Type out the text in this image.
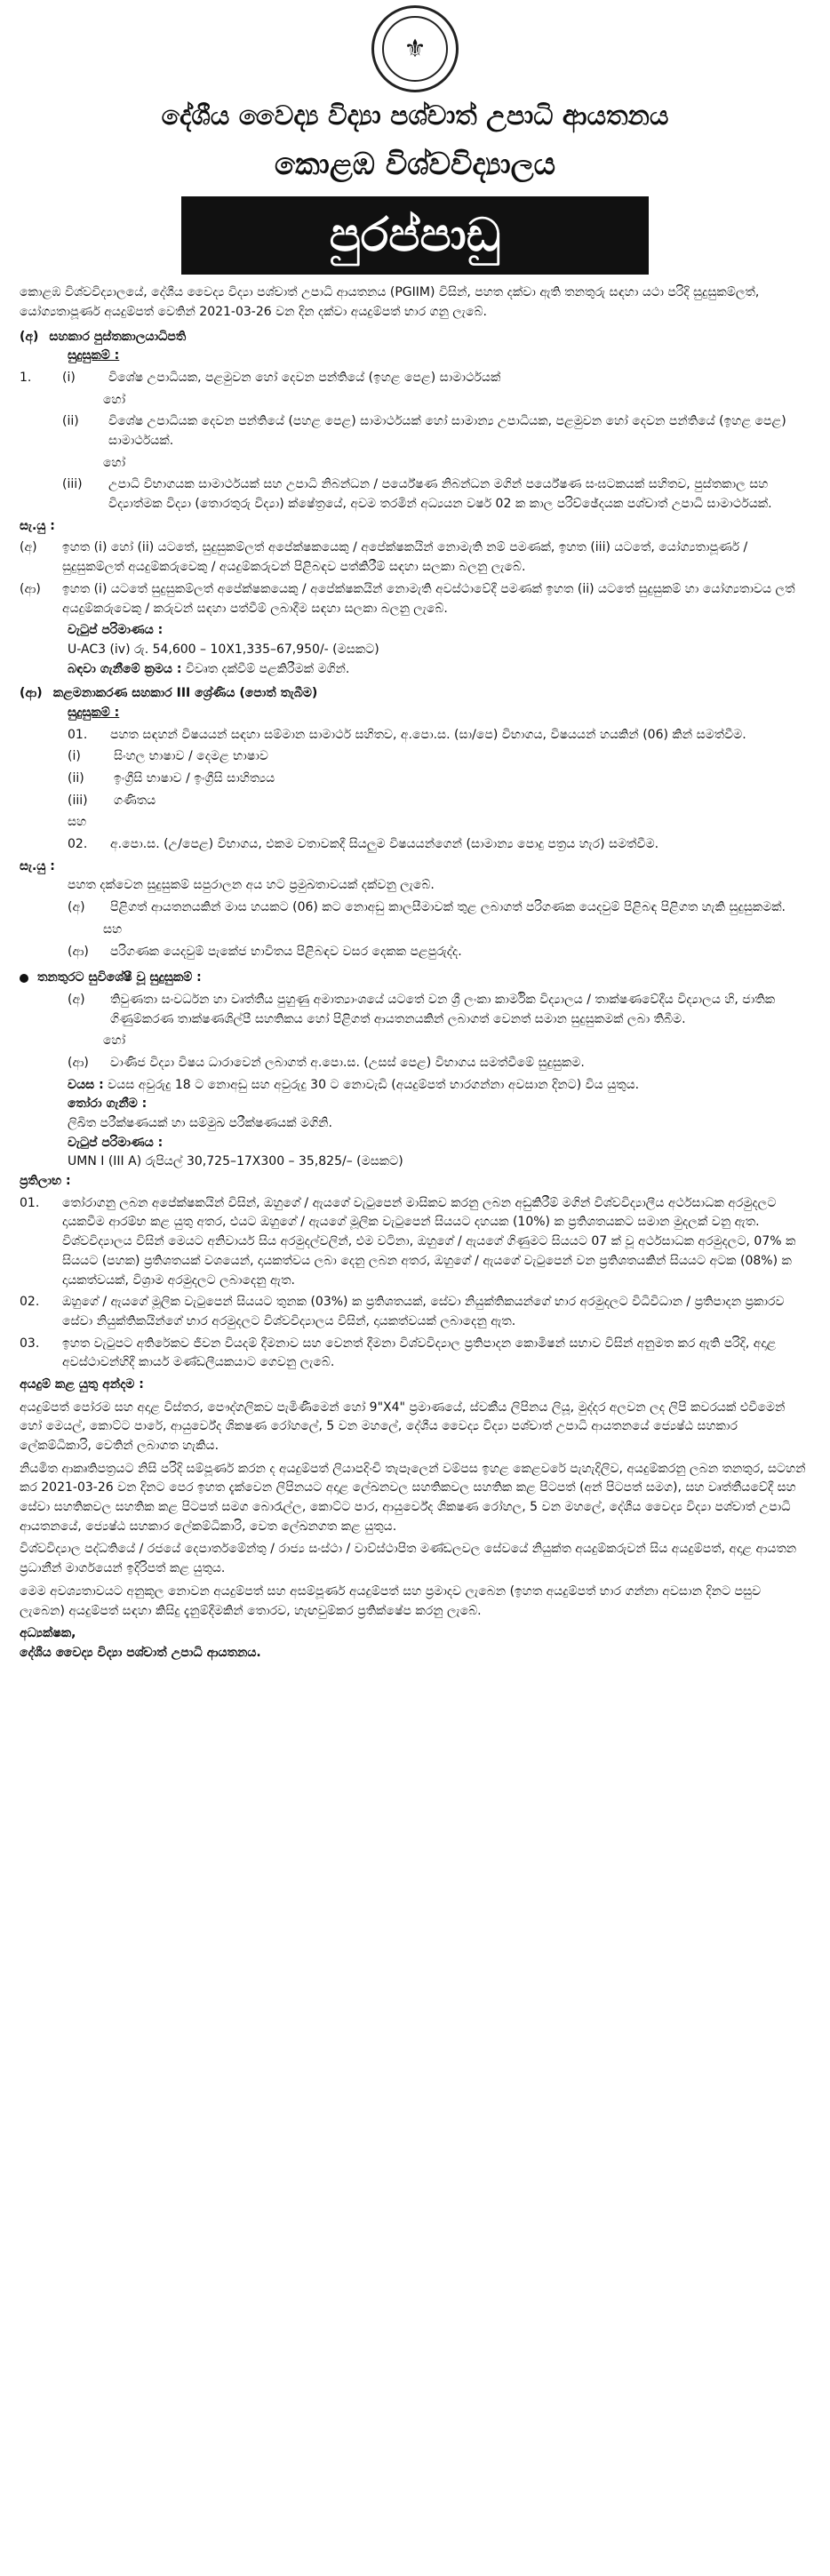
⚜
දේශීය වෛද්‍ය විද්‍යා පශ්චාත් උපාධි ආයතනය
කොළඹ විශ්වවිද්‍යාලය
පුරප්පාඩු
කොළඹ විශ්වවිද්‍යාලයේ, දේශීය වෛද්‍ය විද්‍යා පශ්චාත් උපාධි ආයතනය (PGIIM) විසින්, පහත දක්වා ඇති තනතුරු සඳහා යථා පරිදි සුදුසුකම්ලත්, යෝග්‍යතාපූර්ණ අයදුම්පත් වෙතින් 2021-03-26 වන දින දක්වා අයදුම්පත් භාර ගනු ලැබේ.
(අ) සහකාර පුස්තකාලයාධිපති
සුදුසුකම් :
1.	(i)	විශේෂ උපාධියක, පළමුවන හෝ දෙවන පන්තියේ (ඉහළ පෙළ) සාමාර්ථයක්
හෝ
(ii)	විශේෂ උපාධියක දෙවන පන්තියේ (පහළ පෙළ) සාමාර්ථයක් හෝ සාමාන්‍ය උපාධියක, පළමුවන හෝ දෙවන පන්තියේ (ඉහළ පෙළ) සාමාර්ථයක්.
හෝ
(iii)	උපාධි විභාගයක සාමාර්ථයක් සහ උපාධි නිබන්ධන / පර්යේෂණ නිබන්ධන මගින් පර්යේෂණ සංඝටකයක් සහිතව, පුස්තකාල සහ විද්‍යාත්මක විද්‍යා (තොරතුරු විද්‍යා) ක්ෂේත්‍රයේ, අවම තරමින් අධ්‍යයන වර්ෂ 02 ක කාල පරිච්ඡේදයක පශ්චාත් උපාධි සාමාර්ථයක්.
සැ.යු :
(අ)	ඉහත (i) හෝ (ii) යටතේ, සුදුසුකම්ලත් අපේක්ෂකයෙකු / අපේක්ෂකයින් නොමැති නම් පමණක්, ඉහත (iii) යටතේ, යෝග්‍යතාපූර්ණ / සුදුසුකම්ලත් අයදුම්කරුවෙකු / අයදුම්කරුවන් පිළිබඳව පත්කිරීම් සඳහා සලකා බලනු ලැබේ.
(ආ)	ඉහත (i) යටතේ සුදුසුකම්ලත් අපේක්ෂකයෙකු / අපේක්ෂකයින් නොමැති අවස්ථාවේදී පමණක් ඉහත (ii) යටතේ සුදුසුකම් හා යෝග්‍යතාවය ලත් අයදුම්කරුවෙකු / කරුවන් සඳහා පත්වීම් ලබාදීම සඳහා සලකා බලනු ලැබේ.
වැටුප් පරිමාණය :
U-AC3 (iv) රු. 54,600 – 10X1,335–67,950/- (මසකට)
බඳවා ගැනීමේ ක්‍රමය : විවෘත දක්වීම් පළකිරීමක් මගින්.
(ආ) කළමනාකරණ සහකාර III ශ්‍රේණිය (පොත් තැබීම)
සුදුසුකම් :
01.	පහත සඳහන් විෂයයන් සඳහා සම්මාන සාමාර්ථ සහිතව, අ.පො.ස. (සා/පෙ) විභාගය, විෂයයන් හයකින් (06) කින් සමත්වීම.
(i)	සිංහල භාෂාව / දෙමළ භාෂාව
(ii)	ඉංග්‍රීසි භාෂාව / ඉංග්‍රීසි සාහිත්‍යය
(iii)	ගණිතය
සහ
02.	අ.පො.ස. (උ/පෙළ) විභාගය, එකම වතාවකදී සියලුම විෂයයන්ගෙන් (සාමාන්‍ය පොදු පත්‍රය හැර) සමත්වීම.
සැ.යු :
පහත දක්වෙන සුදුසුකම් සපුරාලන අය හට ප්‍රමුඛතාවයක් දක්වනු ලැබේ.
(අ)	පිළිගත් ආයතනයකින් මාස හයකට (06) කට නොඅඩු කාලසීමාවක් තුළ ලබාගත් පරිගණක යෙදවුම් පිළිබඳ පිළිගත හැකි සුදුසුකමක්.
සහ
(ආ)	පරිගණක යෙදවුම් පැකේජ භාවිතය පිළිබඳව වසර දෙකක පළපුරුද්ද.
තනතුරට සුවිශේෂී වූ සුදුසුකම් :
(අ)	තිවුණතා සංවර්ධන හා වෘත්තීය පුහුණු අමාත්‍යාංශයේ යටතේ වන ශ්‍රී ලංකා කාර්මික විද්‍යාලය / තාක්ෂණවේදීය විද්‍යාලය හි, ජාතික ගිණුම්කරණ තාක්ෂණශිල්පී සහතිකය හෝ පිළිගත් ආයතනයකින් ලබාගත් වෙනත් සමාන සුදුසුකමක් ලබා තිබීම.
හෝ
(ආ)	වාණිජ විද්‍යා විෂය ධාරාවෙන් ලබාගත් අ.පො.ස. (උසස් පෙළ) විභාගය සමත්වීමේ සුදුසුකම.
වයස : වයස අවුරුදු 18 ට නොඅඩු සහ අවුරුදු 30 ට නොවැඩි (අයදුම්පත් භාරගන්නා අවසාන දිනට) විය යුතුය.
තෝරා ගැනීම :
ලිඛිත පරීක්ෂණයක් හා සම්මුඛ පරීක්ෂණයක් මගිනි.
වැටුප් පරිමාණය :
UMN I (III A) රුපියල් 30,725–17X300 – 35,825/– (මසකට)
ප්‍රතිලාභ :
01.	තෝරාගනු ලබන අපේක්ෂකයින් විසින්, ඔහුගේ / ඇයගේ වැටුපෙන් මාසිකව කරනු ලබන අඩුකිරීම් මගින් විශ්වවිද්‍යාලීය අර්ථසාධක අරමුදලට දායකවීම ආරම්භ කළ යුතු අතර, එයට ඔහුගේ / ඇයගේ මූලික වැටුපෙන් සියයට දහයක (10%) ක ප්‍රතිශතයකට සමාන මුදලක් වනු ඇත. විශ්වවිද්‍යාලය විසින් මෙයට අනිවාර්ය සිය අරමුදල්වලින්, එම වටිනා, ඔහුගේ / ඇයගේ ගිණුමට සියයට 07 ක් වූ අර්ථසාධක අරමුදලට, 07% ක සියයට (පහක) ප්‍රතිශතයක් වශයෙන්, දායකත්වය ලබා දෙනු ලබන අතර, ඔහුගේ / ඇයගේ වැටුපෙන් වන ප්‍රතිශතයකින් සියයට අටක (08%) ක දායකත්වයක්, විශ්‍රාම අරමුදලට ලබාදෙනු ඇත.
02.	ඔහුගේ / ඇයගේ මූලික වැටුපෙන් සියයට තුනක (03%) ක ප්‍රතිශතයක්, සේවා නියුක්තිකයන්ගේ භාර අරමුදලට විධිවිධාන / ප්‍රතිපාදන ප්‍රකාරව සේවා නියුක්තිකයින්ගේ භාර අරමුදලට විශ්වවිද්‍යාලය විසින්, දායකත්වයක් ලබාදෙනු ඇත.
03.	ඉහත වැටුපට අතිරේකව ජීවන වියදම් දීමනාව සහ වෙනත් දීමනා විශ්වවිද්‍යාල ප්‍රතිපාදන කොමිෂන් සභාව විසින් අනුමත කර ඇති පරිදි, අදාළ අවස්ථාවන්හිදී කාර්ය මණ්ඩලීයකයාට ගෙවනු ලැබේ.
අයදුම් කළ යුතු අන්දම :
අයදුම්පත් පෝරම සහ අදාළ විස්තර, පෞද්ගලිකව පැමිණීමෙන් හෝ 9"X4" ප්‍රමාණයේ, ස්වකීය ලිපිනය ලියූ, මුද්දර අලවන ලද ලිපි කවරයක් එවීමෙන් හෝ මෙයල්, කොට්ට පාරේ, ආයුර්වේද ශිකෂණ රෝහලේ, 5 වන මහලේ, දේශීය වෛද්‍ය විද්‍යා පශ්චාත් උපාධි ආයතනයේ ජ්‍යෙෂ්ඨ සහකාර ලේකම්ධිකාරි, වෙතින් ලබාගත හැකිය.
නියමිත ආකෘතිපත්‍රයට නිසි පරිදි සම්පූර්ණ කරන ද අයදුම්පත් ලියාපදිංචි තැපෑලෙන් වම්පස ඉහළ කෙළවරේ පැහැදිලිව, අයදුම්කරනු ලබන තනතුර, සටහන් කර 2021-03-26 වන දිනට පෙර ඉහත දැක්වෙන ලිපිනයට අදාළ ලේඛනවල සහතිකවල සහතික කළ පිටපත් (අන් පිටපත් සමග), සහ වෘත්තීයවේදී සහ සේවා සහතිකවල සහතික කළ පිටපත් සමග බොරැල්ල, කොට්ට පාර, ආයුර්වේද ශිකෂණ රෝහල, 5 වන මහලේ, දේශීය වෛද්‍ය විද්‍යා පශ්චාත් උපාධි ආයතනයේ, ජ්‍යෙෂ්ඨ සහකාර ලේකම්ධිකාරි, වෙත ලේඛනගත කළ යුතුය.
විශ්වවිද්‍යාල පද්ධතියේ / රජයේ දෙපාර්තමේන්තු / රාජ්‍ය සංස්ථා / වාව්ස්ථාපිත මණ්ඩලවල සේවයේ නියුක්ත අයදුම්කරුවන් සිය අයදුම්පත්, අදාළ ආයතන ප්‍රධානීන් මාර්ගයෙන් ඉදිරිපත් කළ යුතුය.
මෙම අවශ්‍යතාවයට අනුකූල නොවන අයදුම්පත් සහ අසම්පූර්ණ අයදුම්පත් සහ ප්‍රමාදව ලැබෙන (ඉහත අයදුම්පත් භාර ගන්නා අවසාන දිනට පසුව ලැබෙන) අයදුම්පත් සඳහා කිසිදු දැනුම්දීමකින් තොරව, හැඟවුම්කර ප්‍රතික්ෂේප කරනු ලැබේ.
අධ්‍යක්ෂක,
දේශීය වෛද්‍ය විද්‍යා පශ්චාත් උපාධි ආයතනය.
